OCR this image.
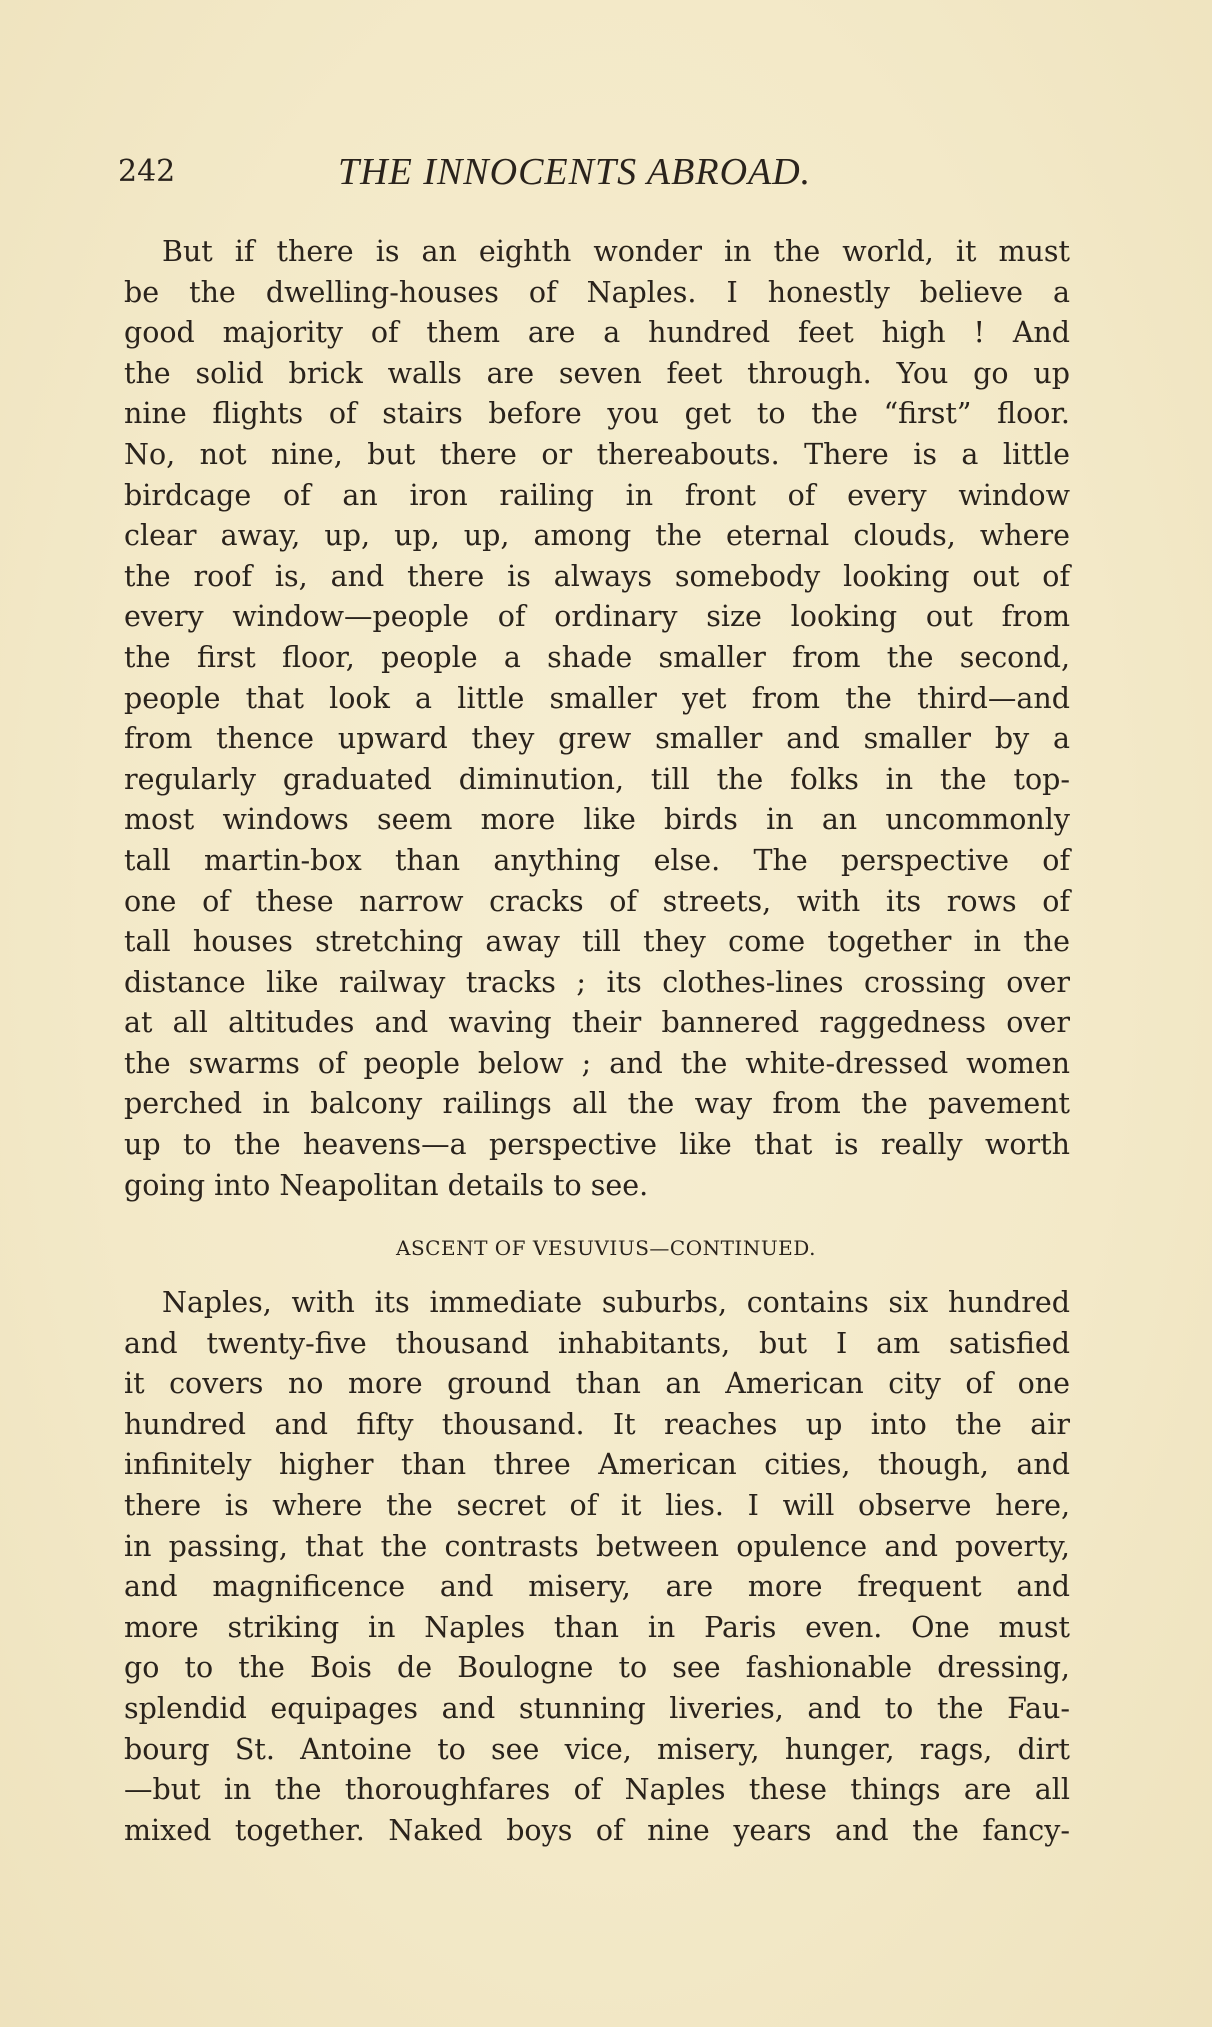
242	THE INNOCENTS ABROAD.
But if there is an eighth wonder in the world, it must
be the dwelling-houses of Naples. I honestly believe a
good majority of them are a hundred feet high ! And
the solid brick walls are seven feet through. You go up
nine flights of stairs before you get to the “first” floor.
No, not nine, but there or thereabouts. There is a little
birdcage of an iron railing in front of every window
clear away, up, up, up, among the eternal clouds, where
the roof is, and there is always somebody looking out of
every window—people of ordinary size looking out from
the first floor, people a shade smaller from the second,
people that look a little smaller yet from the third—and
from thence upward they grew smaller and smaller by a
regularly graduated diminution, till the folks in the top-
most windows seem more like birds in an uncommonly
tall martin-box than anything else. The perspective of
one of these narrow cracks of streets, with its rows of
tall houses stretching away till they come together in the
distance like railway tracks ; its clothes-lines crossing over
at all altitudes and waving their bannered raggedness over
the swarms of people below ; and the white-dressed women
perched in balcony railings all the way from the pavement
up to the heavens—a perspective like that is really worth
going into Neapolitan details to see.
ASCENT OF VESUVIUS—CONTINUED.
Naples, with its immediate suburbs, contains six hundred
and twenty-five thousand inhabitants, but I am satisfied
it covers no more ground than an American city of one
hundred and fifty thousand. It reaches up into the air
infinitely higher than three American cities, though, and
there is where the secret of it lies. I will observe here,
in passing, that the contrasts between opulence and poverty,
and magnificence and misery, are more frequent and
more striking in Naples than in Paris even. One must
go to the Bois de Boulogne to see fashionable dressing,
splendid equipages and stunning liveries, and to the Fau-
bourg St. Antoine to see vice, misery, hunger, rags, dirt
—but in the thoroughfares of Naples these things are all
mixed together. Naked boys of nine years and the fancy-
